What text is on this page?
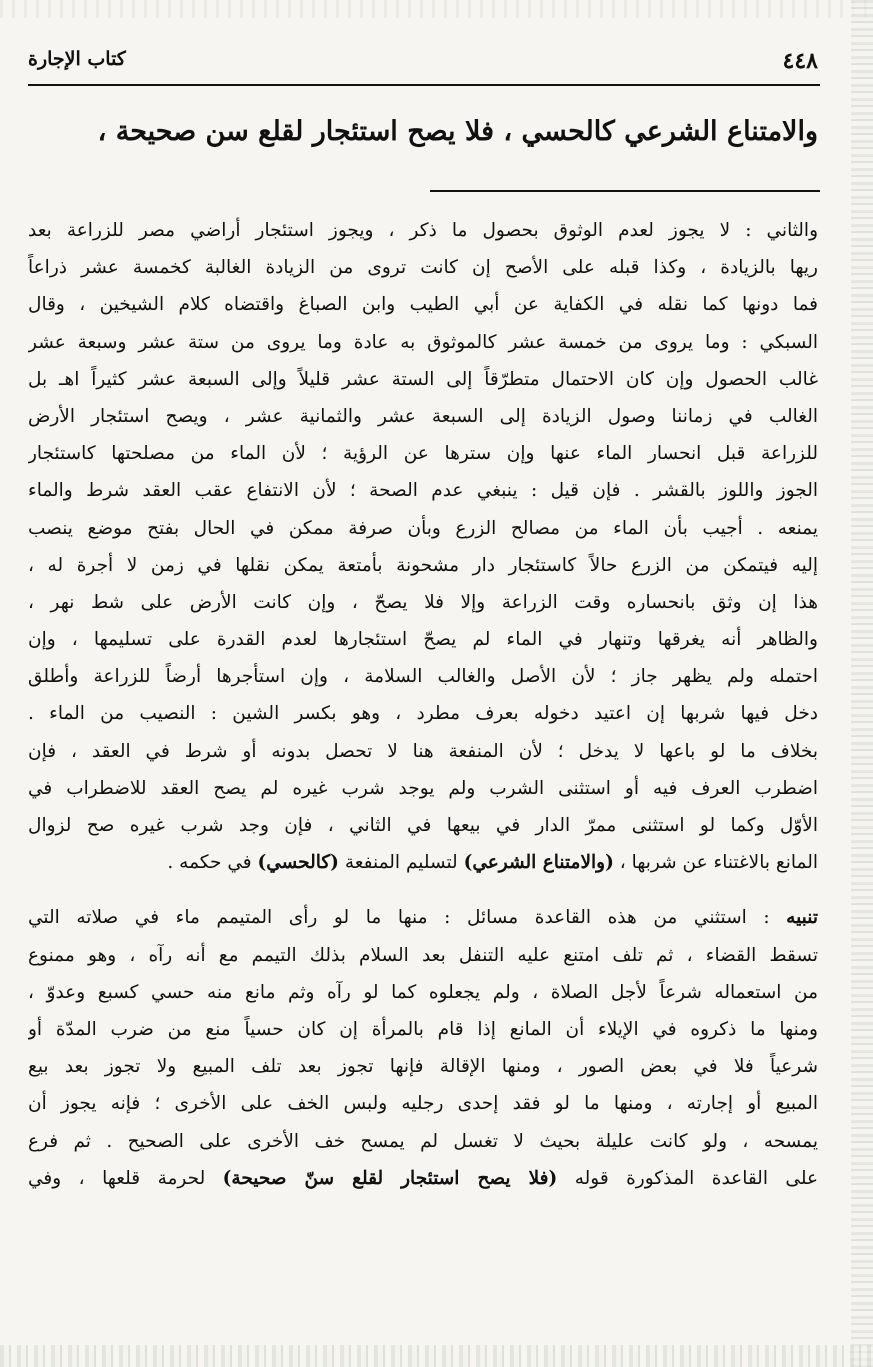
٤٤٨
كتاب الإجارة
والامتناع الشرعي كالحسي ، فلا يصح استئجار لقلع سن صحيحة ،
والثاني : لا يجوز لعدم الوثوق بحصول ما ذكر ، ويجوز استئجار أراضي مصر للزراعة بعد
ريها بالزيادة ، وكذا قبله على الأصح إن كانت تروى من الزيادة الغالبة كخمسة عشر ذراعاً
فما دونها كما نقله في الكفاية عن أبي الطيب وابن الصباغ واقتضاه كلام الشيخين ، وقال
السبكي : وما يروى من خمسة عشر كالموثوق به عادة وما يروى من ستة عشر وسبعة عشر
غالب الحصول وإن كان الاحتمال متطرّقاً إلى الستة عشر قليلاً وإلى السبعة عشر كثيراً اهـ بل
الغالب في زماننا وصول الزيادة إلى السبعة عشر والثمانية عشر ، ويصح استئجار الأرض
للزراعة قبل انحسار الماء عنها وإن سترها عن الرؤية ؛ لأن الماء من مصلحتها كاستئجار
الجوز واللوز بالقشر . فإن قيل : ينبغي عدم الصحة ؛ لأن الانتفاع عقب العقد شرط والماء
يمنعه . أجيب بأن الماء من مصالح الزرع وبأن صرفة ممكن في الحال بفتح موضع ينصب
إليه فيتمكن من الزرع حالاً كاستئجار دار مشحونة بأمتعة يمكن نقلها في زمن لا أجرة له ،
هذا إن وثق بانحساره وقت الزراعة وإلا فلا يصحّ ، وإن كانت الأرض على شط نهر ،
والظاهر أنه يغرقها وتنهار في الماء لم يصحّ استئجارها لعدم القدرة على تسليمها ، وإن
احتمله ولم يظهر جاز ؛ لأن الأصل والغالب السلامة ، وإن استأجرها أرضاً للزراعة وأطلق
دخل فيها شربها إن اعتيد دخوله بعرف مطرد ، وهو بكسر الشين : النصيب من الماء .
بخلاف ما لو باعها لا يدخل ؛ لأن المنفعة هنا لا تحصل بدونه أو شرط في العقد ، فإن
اضطرب العرف فيه أو استثنى الشرب ولم يوجد شرب غيره لم يصح العقد للاضطراب في
الأوّل وكما لو استثنى ممرّ الدار في بيعها في الثاني ، فإن وجد شرب غيره صح لزوال
المانع بالاغتناء عن شربها ، (والامتناع الشرعي) لتسليم المنفعة (كالحسي) في حكمه .
تنبيه : استثني من هذه القاعدة مسائل : منها ما لو رأى المتيمم ماء في صلاته التي
تسقط القضاء ، ثم تلف امتنع عليه التنفل بعد السلام بذلك التيمم مع أنه رآه ، وهو ممنوع
من استعماله شرعاً لأجل الصلاة ، ولم يجعلوه كما لو رآه وثم مانع منه حسي كسبع وعدوّ ،
ومنها ما ذكروه في الإيلاء أن المانع إذا قام بالمرأة إن كان حسياً منع من ضرب المدّة أو
شرعياً فلا في بعض الصور ، ومنها الإقالة فإنها تجوز بعد تلف المبيع ولا تجوز بعد بيع
المبيع أو إجارته ، ومنها ما لو فقد إحدى رجليه ولبس الخف على الأخرى ؛ فإنه يجوز أن
يمسحه ، ولو كانت عليلة بحيث لا تغسل لم يمسح خف الأخرى على الصحيح . ثم فرع
على القاعدة المذكورة قوله (فلا يصح استئجار لقلع سنّ صحيحة) لحرمة قلعها ، وفي
